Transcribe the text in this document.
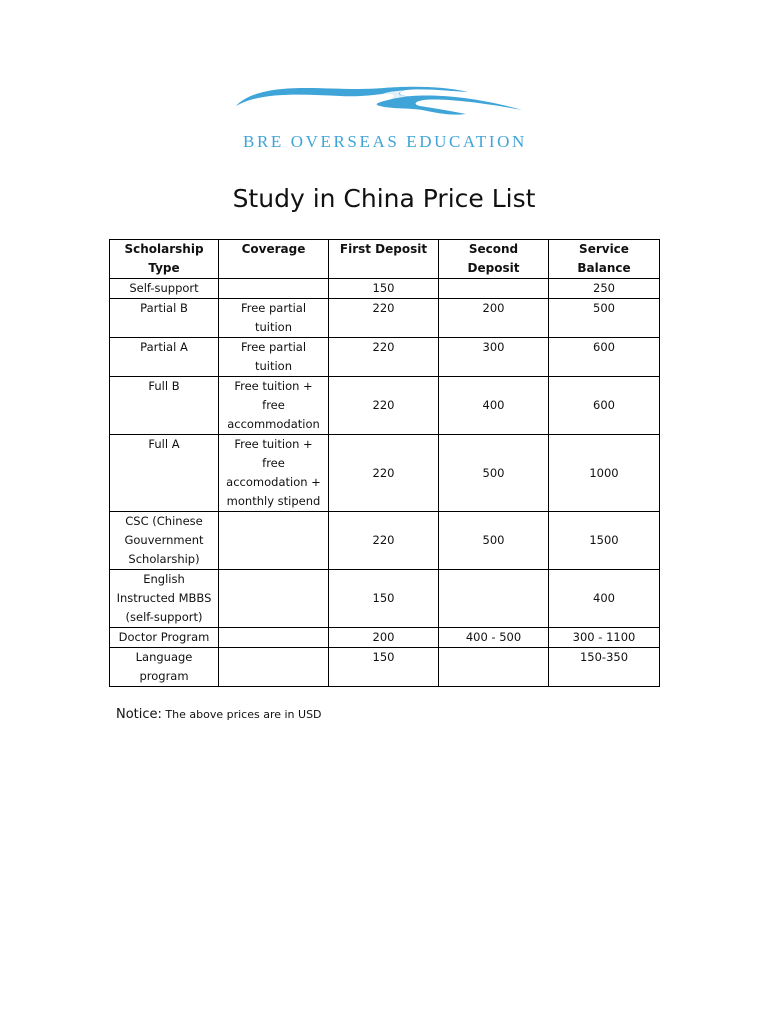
BRE OVERSEAS EDUCATION
Study in China Price List
Scholarship Type	Coverage	First Deposit	Second Deposit	Service Balance
Self-support		150		250
Partial B	Free partial tuition	220	200	500
Partial A	Free partial tuition	220	300	600
Full B	Free tuition + free accommodation	220	400	600
Full A	Free tuition + free accomodation + monthly stipend	220	500	1000
CSC (Chinese Gouvernment Scholarship)		220	500	1500
English Instructed MBBS (self-support)		150		400
Doctor Program		200	400 - 500	300 - 1100
Language program		150		150-350
Notice: The above prices are in USD
